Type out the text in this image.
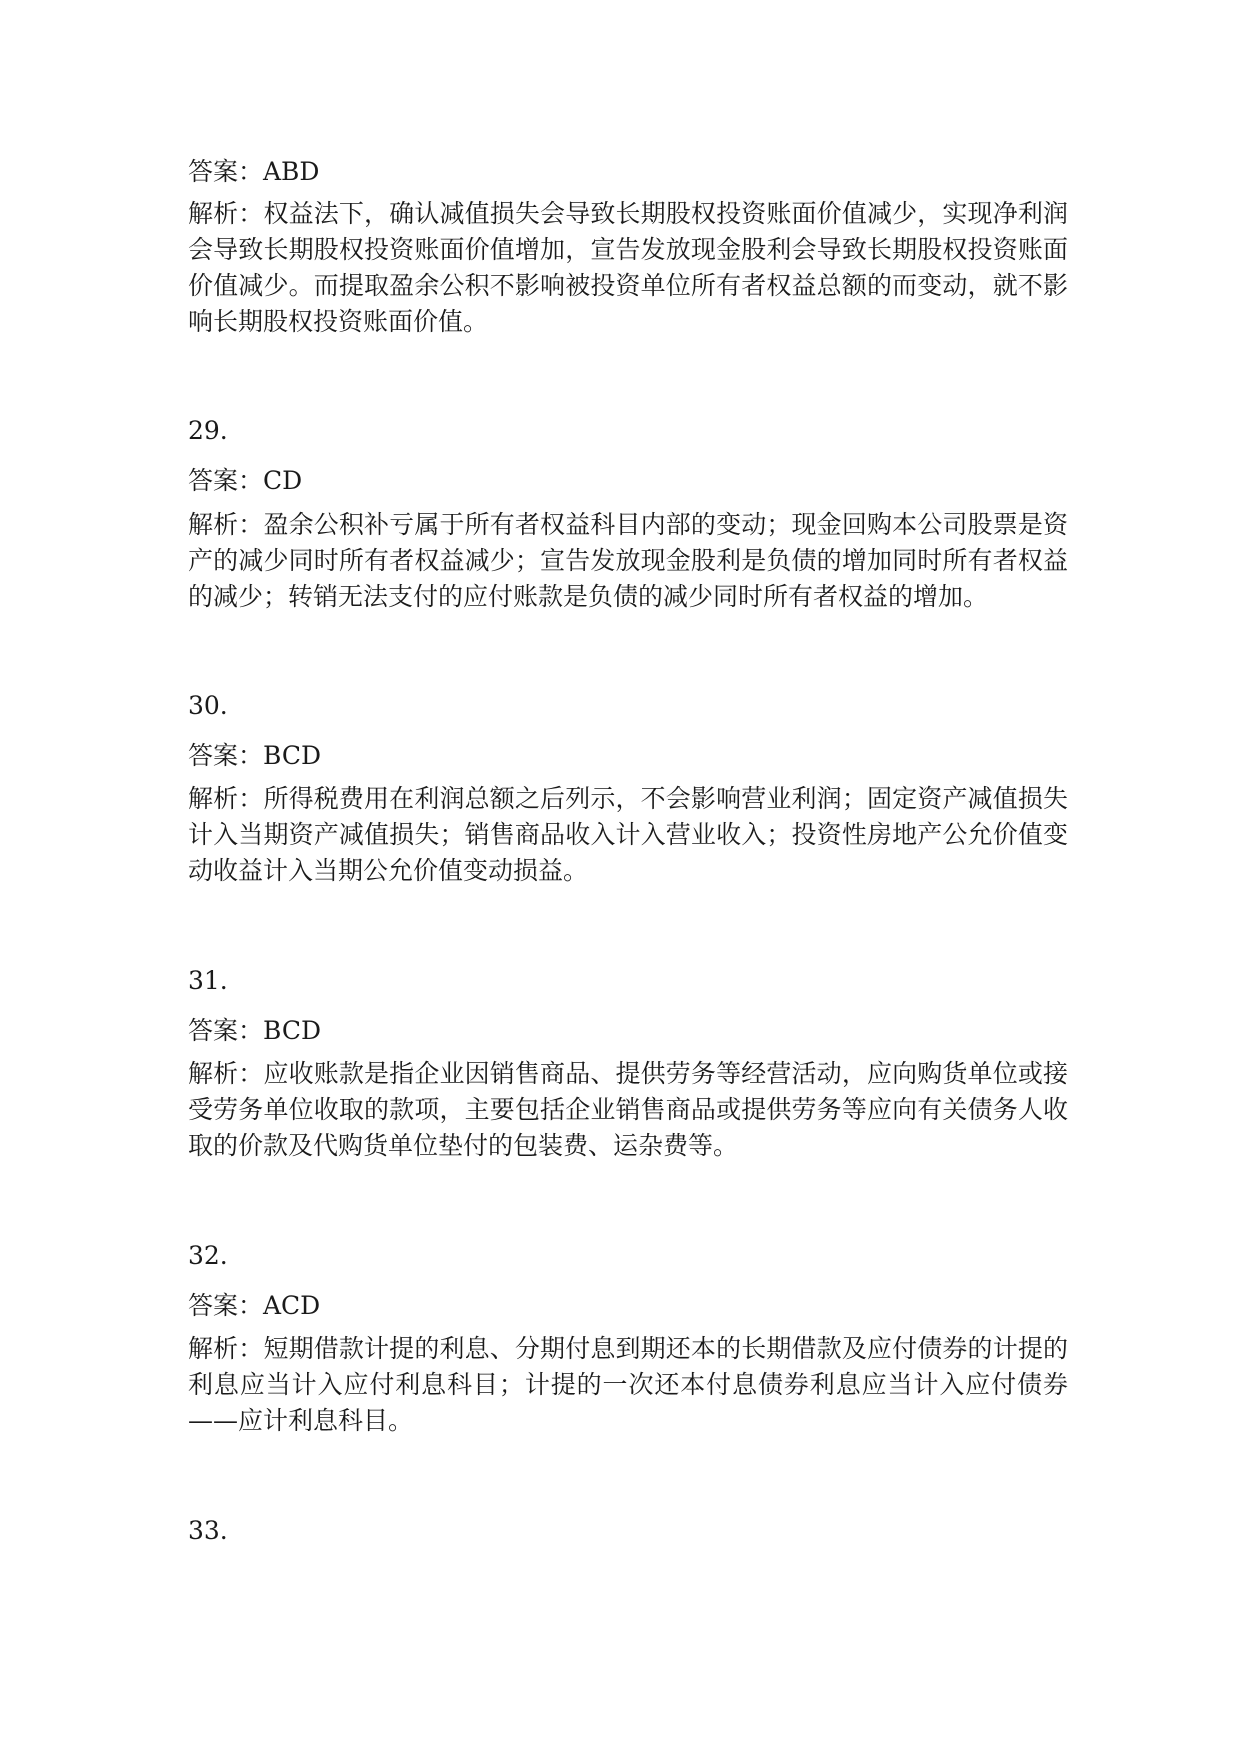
答案：ABD
解析：权益法下，确认减值损失会导致长期股权投资账面价值减少，实现净利润会导致长期股权投资账面价值增加，宣告发放现金股利会导致长期股权投资账面价值减少。而提取盈余公积不影响被投资单位所有者权益总额的而变动，就不影响长期股权投资账面价值。
29.
答案：CD
解析：盈余公积补亏属于所有者权益科目内部的变动；现金回购本公司股票是资产的减少同时所有者权益减少；宣告发放现金股利是负债的增加同时所有者权益的减少；转销无法支付的应付账款是负债的减少同时所有者权益的增加。
30.
答案：BCD
解析：所得税费用在利润总额之后列示，不会影响营业利润；固定资产减值损失计入当期资产减值损失；销售商品收入计入营业收入；投资性房地产公允价值变动收益计入当期公允价值变动损益。
31.
答案：BCD
解析：应收账款是指企业因销售商品、提供劳务等经营活动，应向购货单位或接受劳务单位收取的款项，主要包括企业销售商品或提供劳务等应向有关债务人收取的价款及代购货单位垫付的包装费、运杂费等。
32.
答案：ACD
解析：短期借款计提的利息、分期付息到期还本的长期借款及应付债券的计提的利息应当计入应付利息科目；计提的一次还本付息债券利息应当计入应付债券——应计利息科目。
33.
